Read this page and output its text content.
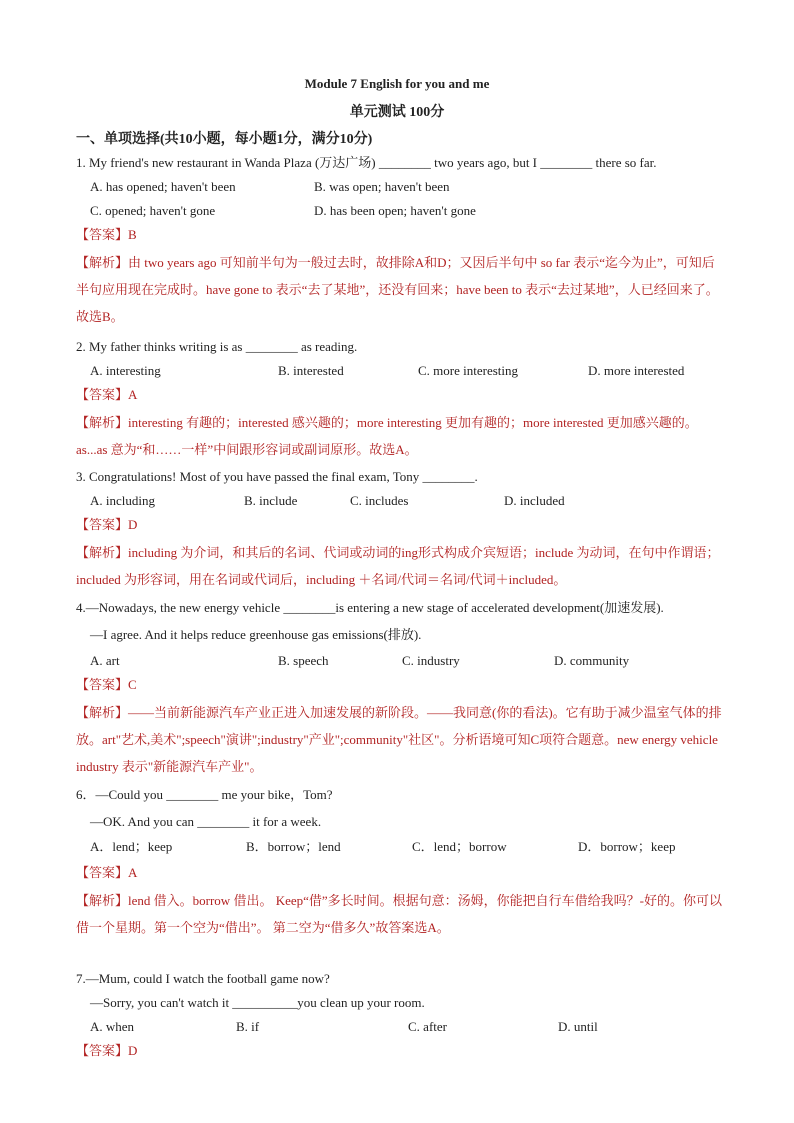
Module 7 English for you and me
单元测试 100分
一、单项选择(共10小题，每小题1分，满分10分)
1. My friend's new restaurant in Wanda Plaza (万达广场) ________ two years ago, but I ________ there so far.
A. has opened; haven't been	B. was open; haven't been
C. opened; haven't gone	D. has been open; haven't gone
【答案】B
【解析】由 two years ago 可知前半句为一般过去时，故排除A和D；又因后半句中 so far 表示“迄今为止”，可知后半句应用现在完成时。have gone to 表示“去了某地”，还没有回来；have been to 表示“去过某地”，人已经回来了。故选B。
2. My father thinks writing is as ________ as reading.
A. interesting	B. interested	C. more interesting	D. more interested
【答案】A
【解析】interesting 有趣的；interested 感兴趣的；more interesting 更加有趣的；more interested 更加感兴趣的。as...as 意为“和……一样”中间跟形容词或副词原形。故选A。
3. Congratulations! Most of you have passed the final exam, Tony ________.
A. including	B. include	C. includes	D. included
【答案】D
【解析】including 为介词，和其后的名词、代词或动词的ing形式构成介宾短语；include 为动词，在句中作谓语；included 为形容词，用在名词或代词后，including ＋名词/代词＝名词/代词＋included。
4.—Nowadays, the new energy vehicle ________is entering a new stage of accelerated development(加速发展).
—I agree. And it helps reduce greenhouse gas emissions(排放).
A. art	B. speech	C. industry	D. community
【答案】C
【解析】——当前新能源汽车产业正进入加速发展的新阶段。——我同意(你的看法)。它有助于减少温室气体的排放。art"艺术,美术";speech"演讲";industry"产业";community"社区"。分析语境可知C项符合题意。new energy vehicle industry 表示"新能源汽车产业"。
6．—Could you ________ me your bike，Tom?
—OK. And you can ________ it for a week.
A．lend；keep	B．borrow；lend	C．lend；borrow	D．borrow；keep
【答案】A
【解析】lend 借入。borrow 借出。 Keep“借”多长时间。根据句意：汤姆，你能把自行车借给我吗？-好的。你可以借一个星期。第一个空为“借出”。 第二空为“借多久”故答案选A。
7.—Mum, could I watch the football game now?
—Sorry, you can't watch it __________you clean up your room.
A. when	B. if	C. after	D. until
【答案】D
